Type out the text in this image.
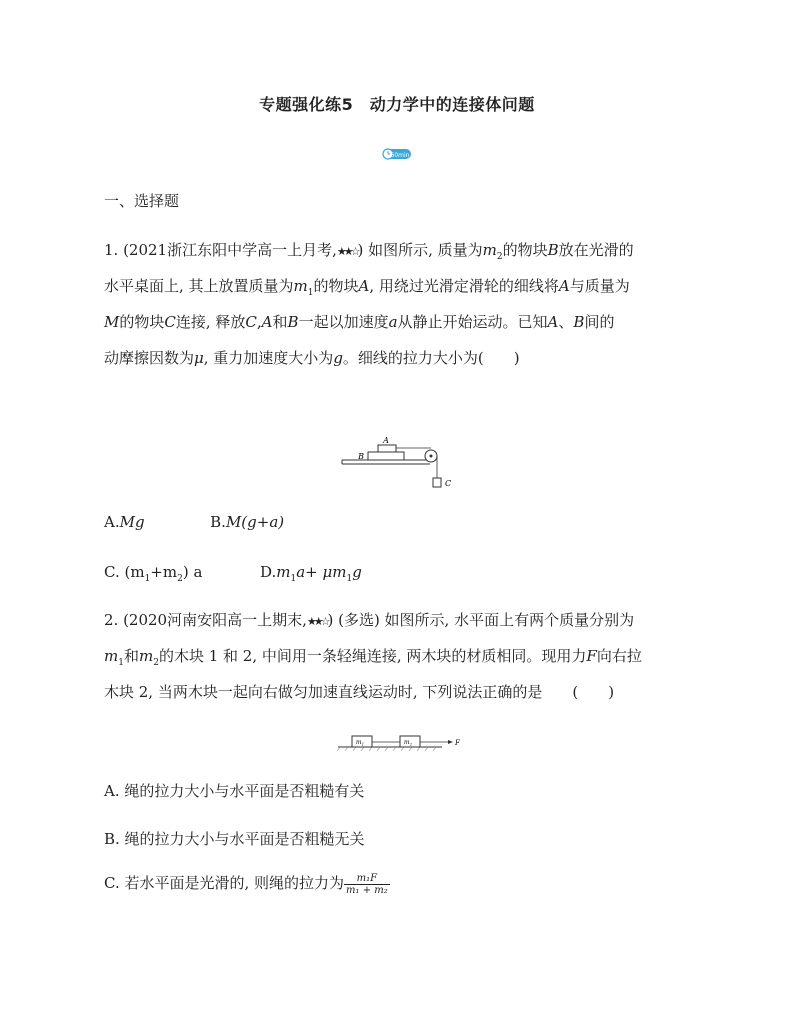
专题强化练5　动力学中的连接体问题
60min
一、选择题
1. (2021浙江东阳中学高一上月考,★★☆) 如图所示, 质量为$m_2$的物块B放在光滑的
水平桌面上, 其上放置质量为$m_1$的物块A, 用绕过光滑定滑轮的细线将A与质量为
M的物块C连接, 释放C,A和B一起以加速度a从静止开始运动。已知A、B间的
动摩擦因数为μ, 重力加速度大小为g。细线的拉力大小为(　　)
A
B
C
A.Mg	B.M(g+a)
C. $(m_1+m_2)$ a	$D.m_1a+ \mu m_1g$
2. (2020河南安阳高一上期末,★★☆) (多选) 如图所示, 水平面上有两个质量分别为
$m_1$和$m_2$的木块 1 和 2, 中间用一条轻绳连接, 两木块的材质相同。现用力F向右拉
木块 2, 当两木块一起向右做匀加速直线运动时, 下列说法正确的是　　(　　)
$m_1$	$m_2$	F
A. 绳的拉力大小与水平面是否粗糙有关
B. 绳的拉力大小与水平面是否粗糙无关
C. 若水平面是光滑的, 则绳的拉力为 $\frac{\text{m₁F}}{\text{m₁ + m₂}}$
